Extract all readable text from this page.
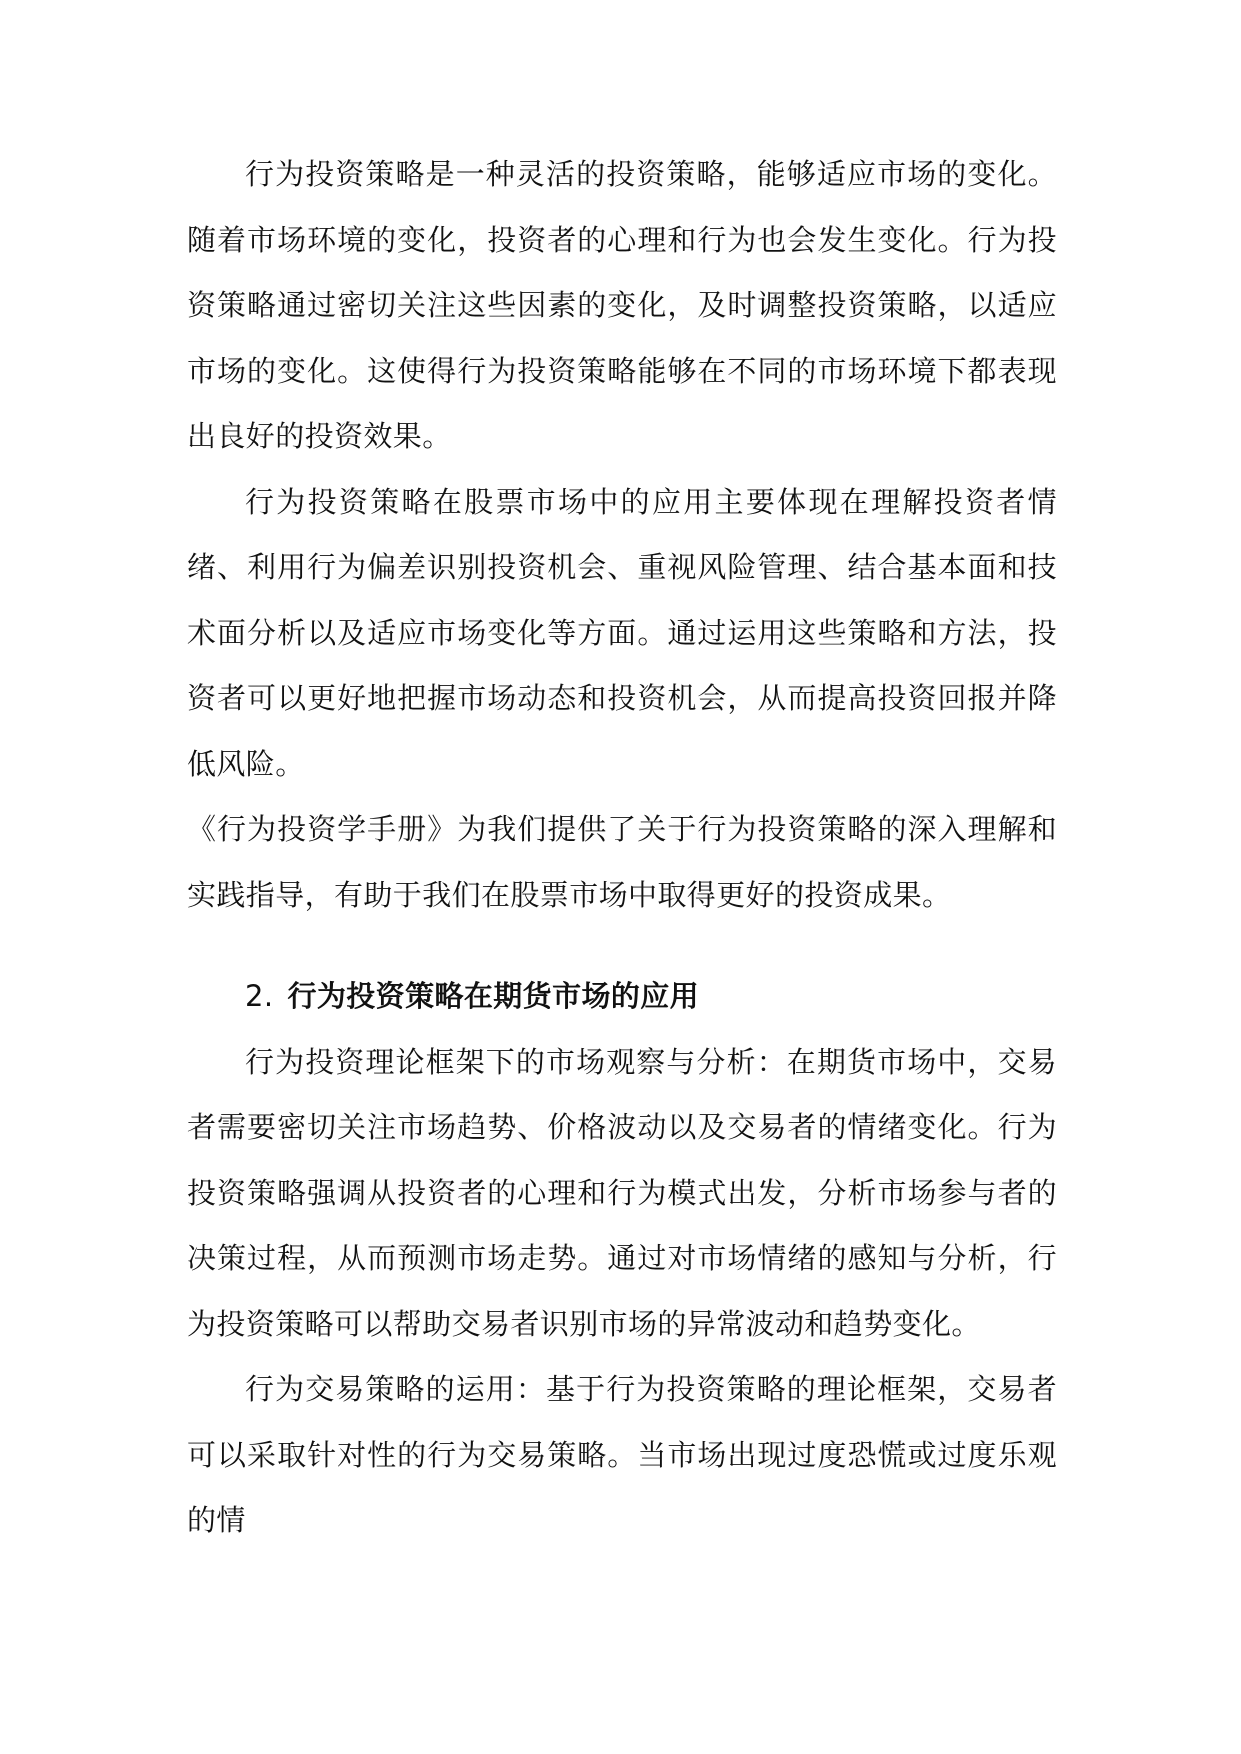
行为投资策略是一种灵活的投资策略，能够适应市场的变化。随着市场环境的变化，投资者的心理和行为也会发生变化。行为投资策略通过密切关注这些因素的变化，及时调整投资策略，以适应市场的变化。这使得行为投资策略能够在不同的市场环境下都表现出良好的投资效果。

行为投资策略在股票市场中的应用主要体现在理解投资者情绪、利用行为偏差识别投资机会、重视风险管理、结合基本面和技术面分析以及适应市场变化等方面。通过运用这些策略和方法，投资者可以更好地把握市场动态和投资机会，从而提高投资回报并降低风险。

《行为投资学手册》为我们提供了关于行为投资策略的深入理解和实践指导，有助于我们在股票市场中取得更好的投资成果。

2. 行为投资策略在期货市场的应用

行为投资理论框架下的市场观察与分析：在期货市场中，交易者需要密切关注市场趋势、价格波动以及交易者的情绪变化。行为投资策略强调从投资者的心理和行为模式出发，分析市场参与者的决策过程，从而预测市场走势。通过对市场情绪的感知与分析，行为投资策略可以帮助交易者识别市场的异常波动和趋势变化。

行为交易策略的运用：基于行为投资策略的理论框架，交易者可以采取针对性的行为交易策略。当市场出现过度恐慌或过度乐观的情
